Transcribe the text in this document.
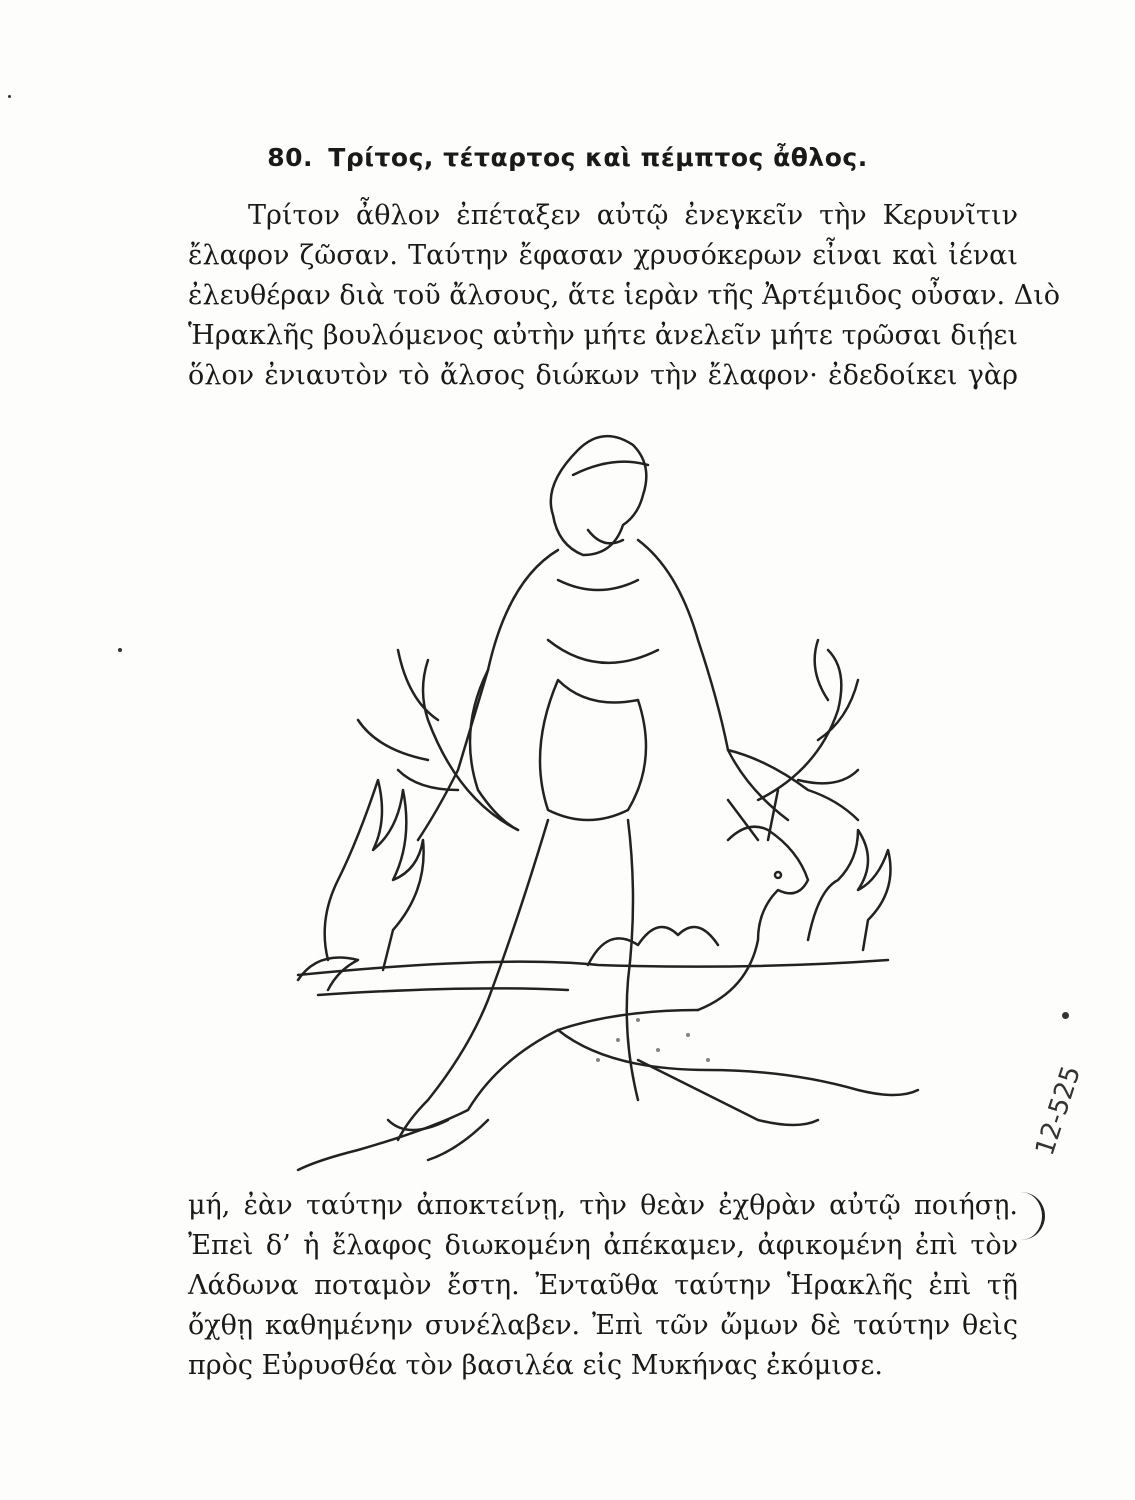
80. Τρίτος, τέταρτος καὶ πέμπτος ἆθλος.
Τρίτον ἆθλον ἐπέταξεν αὐτῷ ἐνεγκεῖν τὴν Κερυνῖτιν
ἔλαφον ζῶσαν. Ταύτην ἔφασαν χρυσόκερων εἶναι καὶ ἰέναι
ἐλευθέραν διὰ τοῦ ἄλσους, ἅτε ἱερὰν τῆς Ἀρτέμιδος οὖσαν. Διὸ
Ἡρακλῆς βουλόμενος αὐτὴν μήτε ἀνελεῖν μήτε τρῶσαι διῄει
ὅλον ἐνιαυτὸν τὸ ἄλσος διώκων τὴν ἔλαφον· ἐδεδοίκει γὰρ
μή, ἐὰν ταύτην ἀποκτείνῃ, τὴν θεὰν ἐχθρὰν αὐτῷ ποιήσῃ.
Ἐπεὶ δ’ ἡ ἔλαφος διωκομένη ἀπέκαμεν, ἀφικομένη ἐπὶ τὸν
Λάδωνα ποταμὸν ἔστη. Ἐνταῦθα ταύτην Ἡρακλῆς ἐπὶ τῇ
ὄχθῃ καθημένην συνέλαβεν. Ἐπὶ τῶν ὤμων δὲ ταύτην θεὶς
πρὸς Εὐρυσθέα τὸν βασιλέα εἰς Μυκήνας ἐκόμισε.
12-525
